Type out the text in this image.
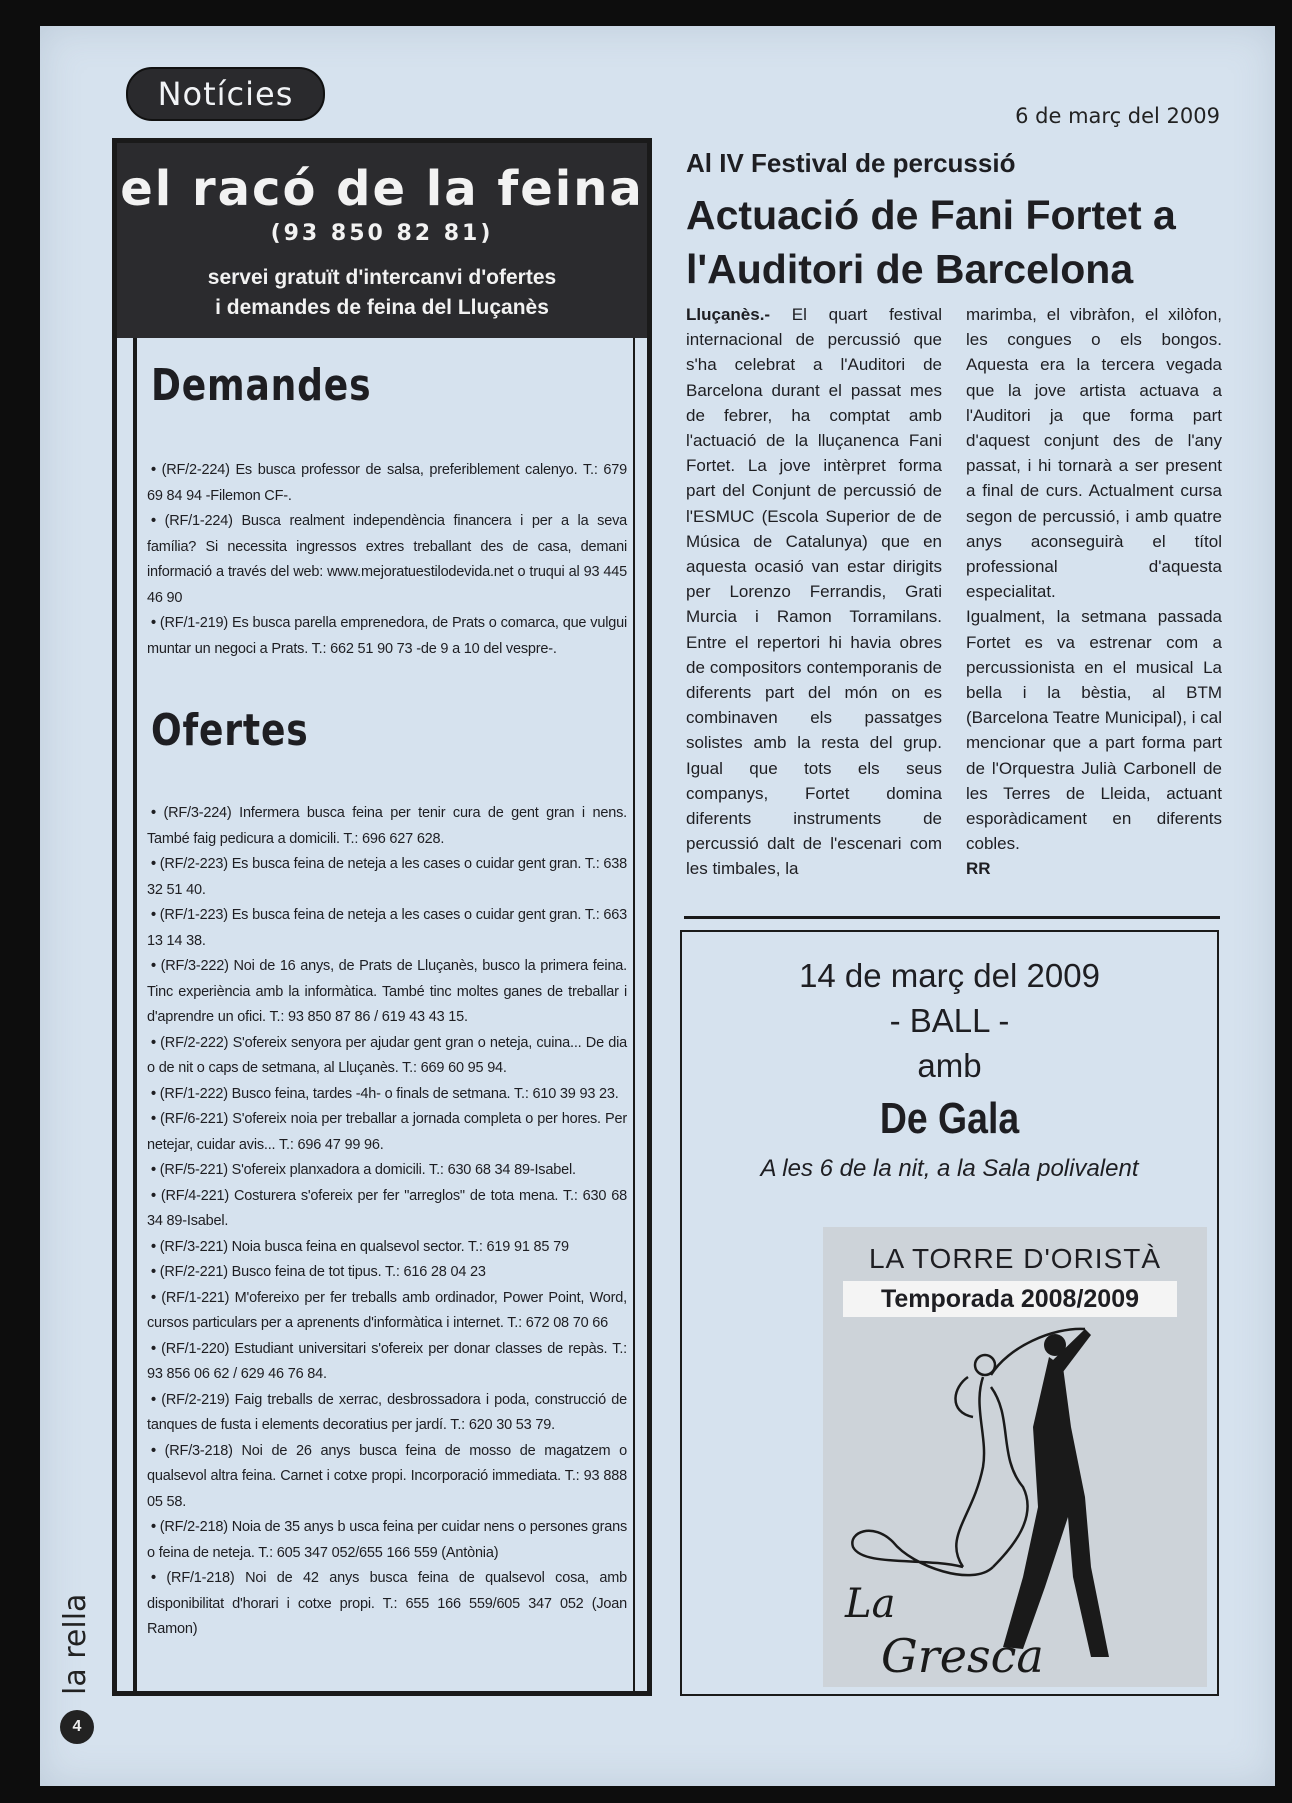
Notícies
6 de març del 2009
el racó de la feina
(93 850 82 81)
servei gratuït d'intercanvi d'ofertes
i demandes de feina del Lluçanès
Demandes
• (RF/2-224) Es busca professor de salsa, preferiblement calenyo. T.: 679 69 84 94 -Filemon CF-.
• (RF/1-224) Busca realment independència financera i per a la seva família? Si necessita ingressos extres treballant des de casa, demani informació a través del web: www.mejoratuestilodevida.net o truqui al 93 445 46 90
• (RF/1-219) Es busca parella emprenedora, de Prats o comarca, que vulgui muntar un negoci a Prats. T.: 662 51 90 73 -de 9 a 10 del vespre-.
Ofertes
• (RF/3-224) Infermera busca feina per tenir cura de gent gran i nens. També faig pedicura a domicili. T.: 696 627 628.
• (RF/2-223) Es busca feina de neteja a les cases o cuidar gent gran. T.: 638 32 51 40.
• (RF/1-223) Es busca feina de neteja a les cases o cuidar gent gran. T.: 663 13 14 38.
• (RF/3-222) Noi de 16 anys, de Prats de Lluçanès, busco la primera feina. Tinc experiència amb la informàtica. També tinc moltes ganes de treballar i d'aprendre un ofici. T.: 93 850 87 86 / 619 43 43 15.
• (RF/2-222) S'ofereix senyora per ajudar gent gran o neteja, cuina... De dia o de nit o caps de setmana, al Lluçanès. T.: 669 60 95 94.
• (RF/1-222) Busco feina, tardes -4h- o finals de setmana. T.: 610 39 93 23.
• (RF/6-221) S'ofereix noia per treballar a jornada completa o per hores. Per netejar, cuidar avis... T.: 696 47 99 96.
• (RF/5-221) S'ofereix planxadora a domicili. T.: 630 68 34 89-Isabel.
• (RF/4-221) Costurera s'ofereix per fer "arreglos" de tota mena. T.: 630 68 34 89-Isabel.
• (RF/3-221) Noia busca feina en qualsevol sector. T.: 619 91 85 79
• (RF/2-221) Busco feina de tot tipus. T.: 616 28 04 23
• (RF/1-221) M'ofereixo per fer treballs amb ordinador, Power Point, Word, cursos particulars per a aprenents d'informàtica i internet. T.: 672 08 70 66
• (RF/1-220) Estudiant universitari s'ofereix per donar classes de repàs. T.: 93 856 06 62 / 629 46 76 84.
• (RF/2-219) Faig treballs de xerrac, desbrossadora i poda, construcció de tanques de fusta i elements decoratius per jardí. T.: 620 30 53 79.
• (RF/3-218) Noi de 26 anys busca feina de mosso de magatzem o qualsevol altra feina. Carnet i cotxe propi. Incorporació immediata. T.: 93 888 05 58.
• (RF/2-218) Noia de 35 anys b usca feina per cuidar nens o persones grans o feina de neteja. T.: 605 347 052/655 166 559 (Antònia)
• (RF/1-218) Noi de 42 anys busca feina de qualsevol cosa, amb disponibilitat d'horari i cotxe propi. T.: 655 166 559/605 347 052 (Joan Ramon)
Al IV Festival de percussió
Actuació de Fani Fortet a l'Auditori de Barcelona
Lluçanès.- El quart festival internacional de percussió que s'ha celebrat a l'Auditori de Barcelona durant el passat mes de febrer, ha comptat amb l'actuació de la lluçanenca Fani Fortet. La jove intèrpret forma part del Conjunt de percussió de l'ESMUC (Escola Superior de de Música de Catalunya) que en aquesta ocasió van estar dirigits per Lorenzo Ferrandis, Grati Murcia i Ramon Torramilans. Entre el repertori hi havia obres de compositors contemporanis de diferents part del món on es combinaven els passatges solistes amb la resta del grup. Igual que tots els seus companys, Fortet domina diferents instruments de percussió dalt de l'escenari com les timbales, la
marimba, el vibràfon, el xilòfon, les congues o els bongos. Aquesta era la tercera vegada que la jove artista actuava a l'Auditori ja que forma part d'aquest conjunt des de l'any passat, i hi tornarà a ser present a final de curs. Actualment cursa segon de percussió, i amb quatre anys aconseguirà el títol professional d'aquesta especialitat.
Igualment, la setmana passada Fortet es va estrenar com a percussionista en el musical La bella i la bèstia, al BTM (Barcelona Teatre Municipal), i cal mencionar que a part forma part de l'Orquestra Julià Carbonell de les Terres de Lleida, actuant esporàdicament en diferents cobles.
RR
14 de març del 2009
- BALL -
amb
De Gala
A les 6 de la nit, a la Sala polivalent
LA TORRE D'ORISTÀ
Temporada 2008/2009
La
Gresca
la rella
4
